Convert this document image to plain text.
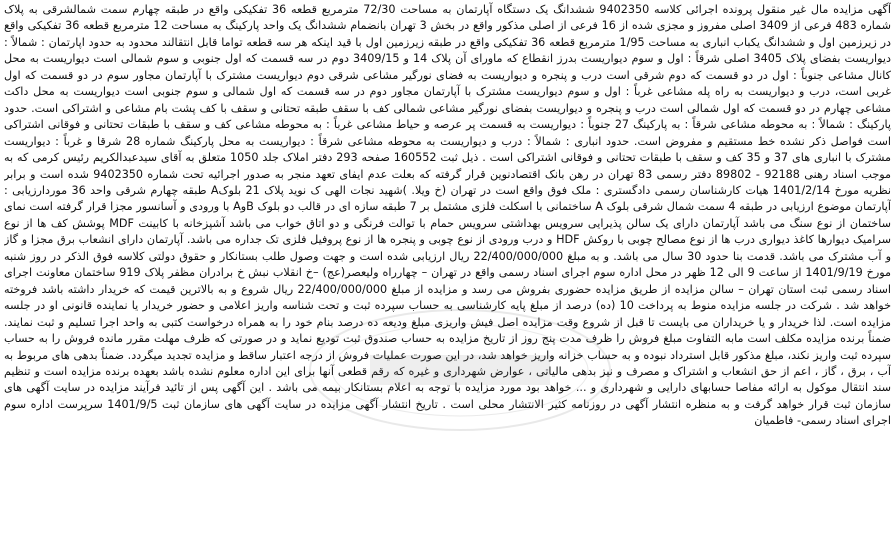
آگهی مزایده مال غیر منقول پرونده اجرائی کلاسه 9402350 ششدانگ یک دستگاه آپارتمان به مساحت 72/30 مترمربع قطعه 36 تفکیکی واقع در طبقه چهارم سمت شمالشرقی به پلاک شماره 483 فرعی از 3409 اصلی مفروز و مجزی شده از 16 فرعی از اصلی مذکور واقع در بخش 3 تهران بانضمام ششدانگ یک واحد پارکینگ به مساحت 12 مترمربع قطعه 36 تفکیکی واقع در زیرزمین اول و ششدانگ یکباب انباری به مساحت 1/95 مترمربع قطعه 36 تفکیکی واقع در طبقه زیرزمین اول با قید اینکه هر سه قطعه تواما قابل انتقالند محدود به حدود اپارتمان : شمالاً : دیواریست بفضای پلاک 3405 اصلی شرقاً : اول و سوم دیواریست بدرز انقطاع که ماورای آن پلاک 14 و 3409/15 دوم در سه قسمت که اول جنوبی و سوم شمالی است دیواریست به محل کانال مشاعی جنوباً : اول در دو قسمت که دوم شرقی است درب و پنجره و دیواریست به فضای نورگیر مشاعی شرقی دوم دیواریست مشترک با آپارتمان مجاور سوم در دو قسمت که اول غربی است، درب و دیواریست به راه پله مشاعی غرباً : اول و سوم دیواریست مشترک با آپارتمان مجاور دوم در سه قسمت که اول شمالی و سوم جنوبی است دیواریست به محل داکت مشاعی چهارم در دو قسمت که اول شمالی است درب و پنجره و دیواریست بفضای نورگیر مشاعی شمالی کف با سقف طبقه تحتانی و سقف با کف پشت بام مشاعی و اشتراکی است. حدود پارکینگ : شمالاً : به محوطه مشاعی شرقاً : به پارکینگ 27 جنوباً : دیواریست به قسمت پر عرصه و حیاط مشاعی غرباً : به محوطه مشاعی کف و سقف با طبقات تحتانی و فوقانی اشتراکی است فواصل ذکر نشده خط مستقیم و مفروض است. حدود انباری : شمالاً : درب و دیواریست به محوطه مشاعی شرقاً : دیواریست به محل پارکینگ شماره 28 شرقا و غرباً : دیواریست مشترک با انباری های 37 و 35 کف و سقف با طبقات تحتانی و فوقانی اشتراکی است . ذیل ثبت 160552 صفحه 293 دفتر املاک جلد 1050 متعلق به آقای سیدعبدالکریم رئیس کرمی که به موجب اسناد رهنی 92188 - 89802 دفتر رسمی 83 تهران در رهن بانک اقتصادنوین قرار گرفته که بعلت عدم ایفای تعهد منجر به صدور اجرائیه تحت شماره 9402350 شده است و برابر نظریه مورخ 1401/2/14 هیات کارشناسان رسمی دادگستری : ملک فوق واقع است در تهران (خ ویلا. )شهید نجات الهی ک نوید پلاک 21 بلوکA طبقه چهارم شرقی واحد 36 موردارزیابی : آپارتمان موضوع ارزیابی در طبقه 4 سمت شمال شرقی بلوک A ساختمانی با اسکلت فلزی مشتمل بر 7 طبقه سازه ای در قالب دو بلوک BوA با ورودی و آسانسور مجزا قرار گرفته است نمای ساختمان از نوع سنگ می باشد آپارتمان دارای یک سالن پذیرایی سرویس بهداشتی سرویس حمام با توالت فرنگی و دو اتاق خواب می باشد آشپزخانه با کابینت MDF پوشش کف ها از نوع سرامیک دیوارها کاغذ دیواری درب ها از نوع مصالح چوبی با روکش HDF و درب ورودی از نوع چوبی و پنجره ها از نوع پروفیل فلزی تک جداره می باشد. آپارتمان دارای انشعاب برق مجزا و گاز و آب مشترک می باشد. قدمت بنا حدود 30 سال می باشد. و به مبلغ 22/400/000/000 ریال ارزیابی شده است و جهت وصول طلب بستانکار و حقوق دولتی کلاسه فوق الذکر در روز شنبه مورخ 1401/9/19 از ساعت 9 الی 12 ظهر در محل اداره سوم اجرای اسناد رسمی واقع در تهران – چهارراه ولیعصر(عج) –خ انقلاب نبش خ برادران مظفر پلاک 919 ساختمان معاونت اجرای اسناد رسمی ثبت استان تهران – سالن مزایده از طریق مزایده حضوری بفروش می رسد و مزایده از مبلغ 22/400/000/000 ریال شروع و به بالاترین قیمت که خریدار داشته باشد فروخته خواهد شد . شرکت در جلسه مزایده منوط به پرداخت 10 (ده) درصد از مبلغ پایه کارشناسی به حساب سپرده ثبت و تحت شناسه واریز اعلامی و حضور خریدار یا نماینده قانونی او در جلسه مزایده است. لذا خریدار و یا خریداران می بایست تا قبل از شروع وقت مزایده اصل فیش واریزی مبلغ ودیعه ده درصد بنام خود را به همراه درخواست کتبی به واحد اجرا تسلیم و ثبت نمایند. ضمناً برنده مزایده مکلف است مابه التفاوت مبلغ فروش را ظرف مدت پنج روز از تاریخ مزایده به حساب صندوق ثبت تودیع نماید و در صورتی که ظرف مهلت مقرر مانده فروش را به حساب سپرده ثبت واریز نکند، مبلغ مذکور قابل استرداد نبوده و به حساب خزانه واریز خواهد شد، در این صورت عملیات فروش از درجه اعتبار ساقط و مزایده تجدید میگردد. ضمناً بدهی های مربوط به آب ، برق ، گاز ، اعم از حق انشعاب و اشتراک و مصرف و نیز بدهی مالیاتی ، عوارض شهرداری و غیره که رقم قطعی آنها برای این اداره معلوم نشده باشد بعهده برنده مزایده است و تنظیم سند انتقال موکول به ارائه مفاصا حسابهای دارایی و شهرداری و ... خواهد بود مورد مزایده با توجه به اعلام بستانکار بیمه می باشد . این آگهی پس از تائید فرآیند مزایده در سایت آگهی های سازمان ثبت قرار خواهد گرفت و به منظره انتشار آگهی در روزنامه کثیر الانتشار محلی است . تاریخ انتشار آگهی مزایده در سایت آگهی های سازمان ثبت 1401/9/5 سرپرست اداره سوم اجرای اسناد رسمی- فاطمیان
